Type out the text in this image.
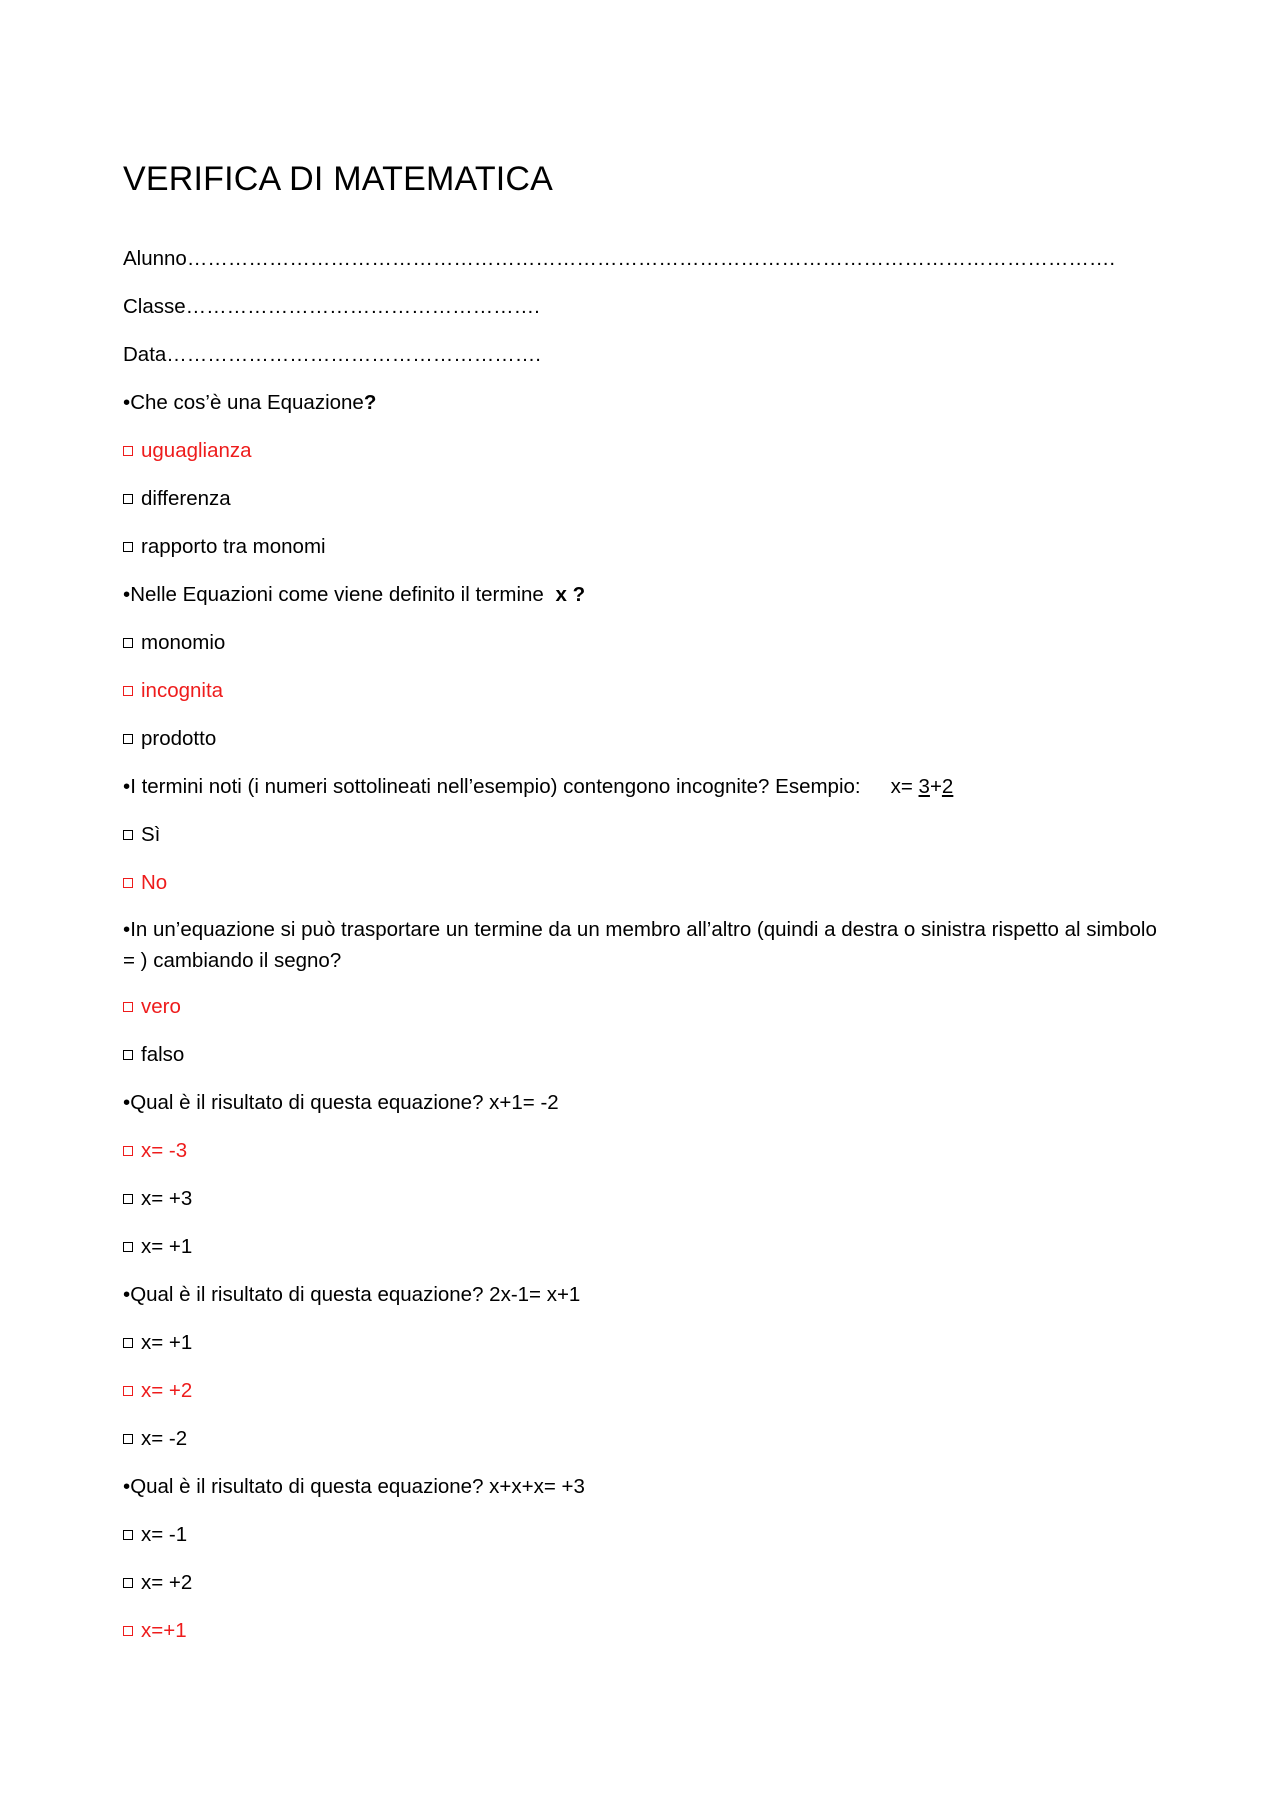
VERIFICA DI MATEMATICA
Alunno……………………………………………………………………………………………………………………….
Classe…………………………………………….
Data……………………………………………….
•Che cos’è una Equazione?
uguaglianza
differenza
rapporto tra monomi
•Nelle Equazioni come viene definito il termine x ?
monomio
incognita
prodotto
•I termini noti (i numeri sottolineati nell’esempio) contengono incognite? Esempio: x= 3+2
Sì
No
•In un’equazione si può trasportare un termine da un membro all’altro (quindi a destra o sinistra rispetto al simbolo = ) cambiando il segno?
vero
falso
•Qual è il risultato di questa equazione? x+1= -2
x= -3
x= +3
x= +1
•Qual è il risultato di questa equazione? 2x-1= x+1
x= +1
x= +2
x= -2
•Qual è il risultato di questa equazione? x+x+x= +3
x= -1
x= +2
x=+1
